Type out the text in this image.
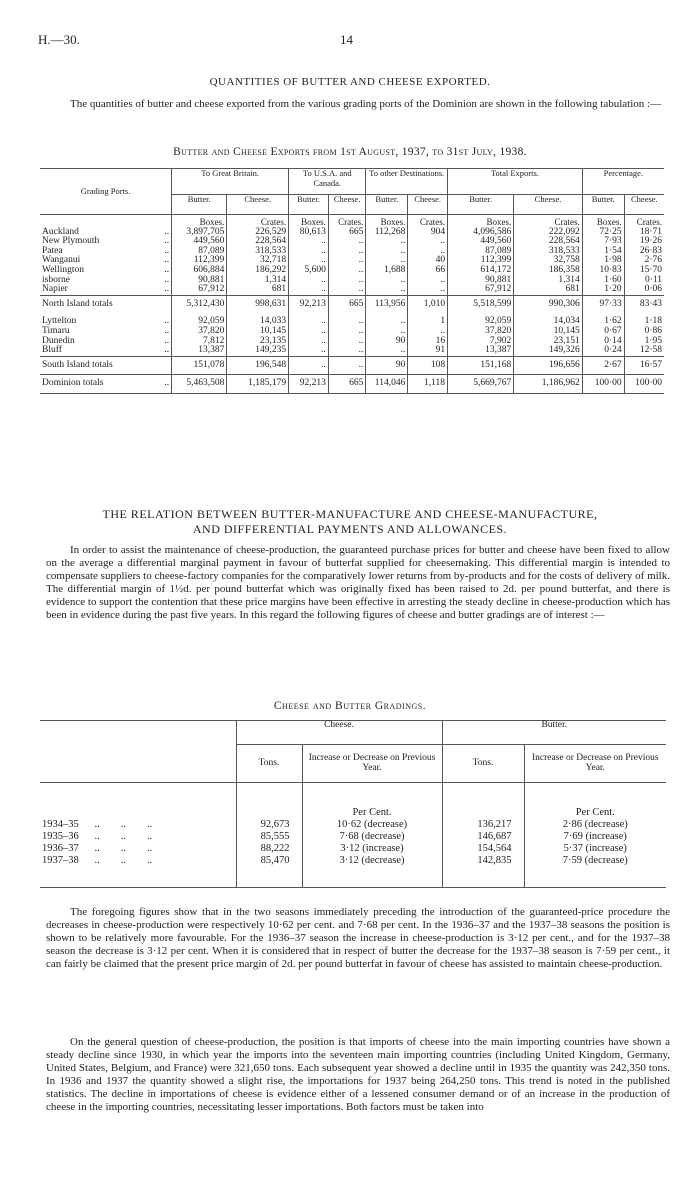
H.—30.	14
QUANTITIES OF BUTTER AND CHEESE EXPORTED.
The quantities of butter and cheese exported from the various grading ports of the Dominion are shown in the following tabulation :—
Butter and Cheese Exports from 1st August, 1937, to 31st July, 1938.
Grading Ports.		To Great Britain.		To U.S.A. and Canada.		To other Destinations.		Total Exports.		Percentage.	
		Butter.	Cheese.	Butter.	Cheese.	Butter.	Cheese.	Butter.	Cheese.	Butter.	Cheese.
		Boxes.	Crates.	Boxes.	Crates.	Boxes.	Crates.	Boxes.	Crates.	Boxes.	Crates.
Auckland	..	3,897,705	226,529	80,613	665	112,268	904	4,096,586	222,092	72·25	18·71
New Plymouth	..	449,560	228,564	..	..	..	..	449,560	228,564	7·93	19·26
Patea	..	87,089	318,533	..	..	..	..	87,089	318,533	1·54	26·83
Wanganui	..	112,399	32,718	..	..	..	40	112,399	32,758	1·98	2·76
Wellington	..	606,884	186,292	5,600	..	1,688	66	614,172	186,358	10·83	15·70
isborne	..	90,881	1,314	..	..	..	..	90,881	1,314	1·60	0·11
Napier	..	67,912	681	..	..	..	..	67,912	681	1·20	0·06
North Island totals		5,312,430	998,631	92,213	665	113,956	1,010	5,518,599	990,306	97·33	83·43
Lyttelton	..	92,059	14,033	..	..	..	1	92,059	14,034	1·62	1·18
Timaru	..	37,820	10,145	..	..	..	..	37,820	10,145	0·67	0·86
Dunedin	..	7,812	23,135	..	..	90	16	7,902	23,151	0·14	1·95
Bluff	..	13,387	149,235	..	..	..	91	13,387	149,326	0·24	12·58
South Island totals		151,078	196,548	..	..	90	108	151,168	196,656	2·67	16·57
Dominion totals	..	5,463,508	1,185,179	92,213	665	114,046	1,118	5,669,767	1,186,962	100·00	100·00
THE RELATION BETWEEN BUTTER-MANUFACTURE AND CHEESE-MANUFACTURE,
AND DIFFERENTIAL PAYMENTS AND ALLOWANCES.
In order to assist the maintenance of cheese-production, the guaranteed purchase prices for butter and cheese have been fixed to allow on the average a differential marginal payment in favour of butterfat supplied for cheesemaking. This differential margin is intended to compensate suppliers to cheese-factory companies for the comparatively lower returns from by-products and for the costs of delivery of milk. The differential margin of 1½d. per pound butterfat which was originally fixed has been raised to 2d. per pound butterfat, and there is evidence to support the contention that these price margins have been effective in arresting the steady decline in cheese-production which has been in evidence during the past five years. In this regard the following figures of cheese and butter gradings are of interest :—
Cheese and Butter Gradings.
	Cheese.		Butter.	
	Tons.	Increase or Decrease on Previous Year.	Tons.	Increase or Decrease on Previous Year.
		Per Cent.		Per Cent.
1934–35      ..        ..        ..	92,673	10·62 (decrease)	136,217	2·86 (decrease)
1935–36      ..        ..        ..	85,555	7·68 (decrease)	146,687	7·69 (increase)
1936–37      ..        ..        ..	88,222	3·12 (increase)	154,564	5·37 (increase)
1937–38      ..        ..        ..	85,470	3·12 (decrease)	142,835	7·59 (decrease)
The foregoing figures show that in the two seasons immediately preceding the introduction of the guaranteed-price procedure the decreases in cheese-production were respectively 10·62 per cent. and 7·68 per cent. In the 1936–37 and the 1937–38 seasons the position is shown to be relatively more favourable. For the 1936–37 season the increase in cheese-production is 3·12 per cent., and for the 1937–38 season the decrease is 3·12 per cent. When it is considered that in respect of butter the decrease for the 1937–38 season is 7·59 per cent., it can fairly be claimed that the present price margin of 2d. per pound butterfat in favour of cheese has assisted to maintain cheese-production.
On the general question of cheese-production, the position is that imports of cheese into the main importing countries have shown a steady decline since 1930, in which year the imports into the seventeen main importing countries (including United Kingdom, Germany, United States, Belgium, and France) were 321,650 tons. Each subsequent year showed a decline until in 1935 the quantity was 242,350 tons. In 1936 and 1937 the quantity showed a slight rise, the importations for 1937 being 264,250 tons. This trend is noted in the published statistics. The decline in importations of cheese is evidence either of a lessened consumer demand or of an increase in the production of cheese in the importing countries, necessitating lesser importations. Both factors must be taken into
